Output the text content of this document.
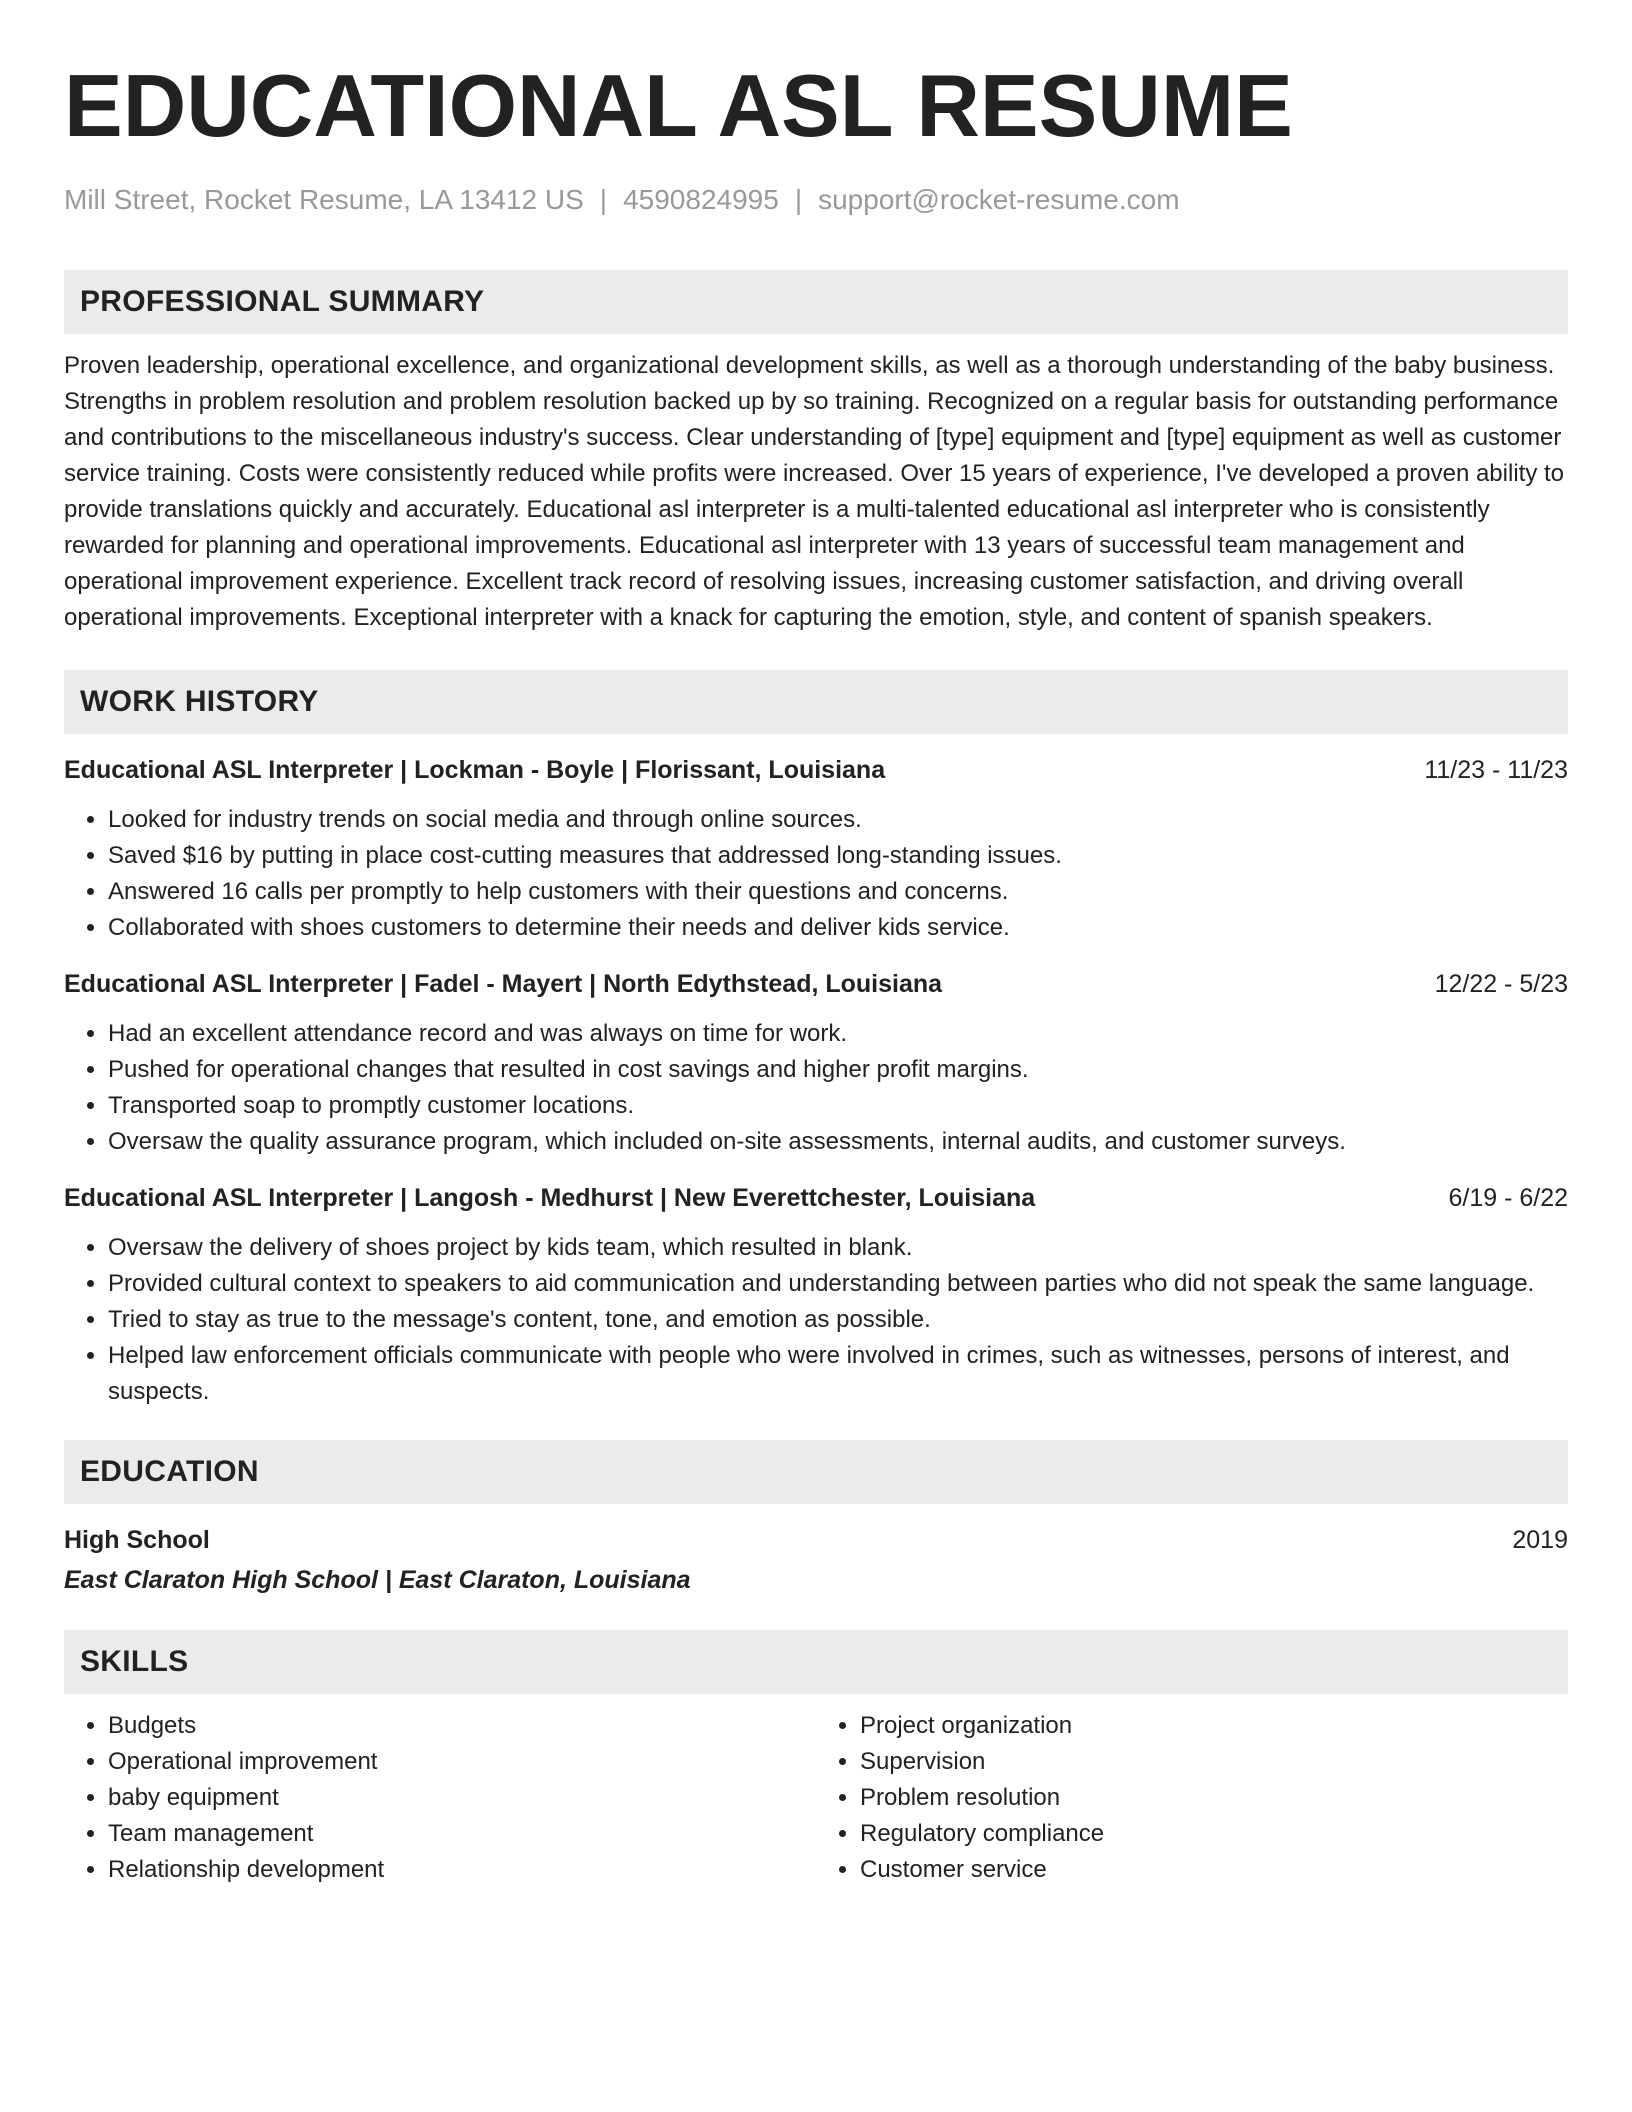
EDUCATIONAL ASL RESUME
Mill Street, Rocket Resume, LA 13412 US | 4590824995 | support@rocket-resume.com
PROFESSIONAL SUMMARY

Proven leadership, operational excellence, and organizational development skills, as well as a thorough understanding of the baby business. Strengths in problem resolution and problem resolution backed up by so training. Recognized on a regular basis for outstanding performance and contributions to the miscellaneous industry's success. Clear understanding of [type] equipment and [type] equipment as well as customer service training. Costs were consistently reduced while profits were increased. Over 15 years of experience, I've developed a proven ability to provide translations quickly and accurately. Educational asl interpreter is a multi-talented educational asl interpreter who is consistently rewarded for planning and operational improvements. Educational asl interpreter with 13 years of successful team management and operational improvement experience. Excellent track record of resolving issues, increasing customer satisfaction, and driving overall operational improvements. Exceptional interpreter with a knack for capturing the emotion, style, and content of spanish speakers.

WORK HISTORY
Educational ASL Interpreter | Lockman - Boyle | Florissant, Louisiana	11/23 - 11/23
• Looked for industry trends on social media and through online sources.
• Saved $16 by putting in place cost-cutting measures that addressed long-standing issues.
• Answered 16 calls per promptly to help customers with their questions and concerns.
• Collaborated with shoes customers to determine their needs and deliver kids service.
Educational ASL Interpreter | Fadel - Mayert | North Edythstead, Louisiana	12/22 - 5/23
• Had an excellent attendance record and was always on time for work.
• Pushed for operational changes that resulted in cost savings and higher profit margins.
• Transported soap to promptly customer locations.
• Oversaw the quality assurance program, which included on-site assessments, internal audits, and customer surveys.
Educational ASL Interpreter | Langosh - Medhurst | New Everettchester, Louisiana	6/19 - 6/22
• Oversaw the delivery of shoes project by kids team, which resulted in blank.
• Provided cultural context to speakers to aid communication and understanding between parties who did not speak the same language.
• Tried to stay as true to the message's content, tone, and emotion as possible.
• Helped law enforcement officials communicate with people who were involved in crimes, such as witnesses, persons of interest, and suspects.
EDUCATION
High School	2019
East Claraton High School | East Claraton, Louisiana
SKILLS
• Budgets
• Operational improvement
• baby equipment
• Team management
• Relationship development
• Project organization
• Supervision
• Problem resolution
• Regulatory compliance
• Customer service
